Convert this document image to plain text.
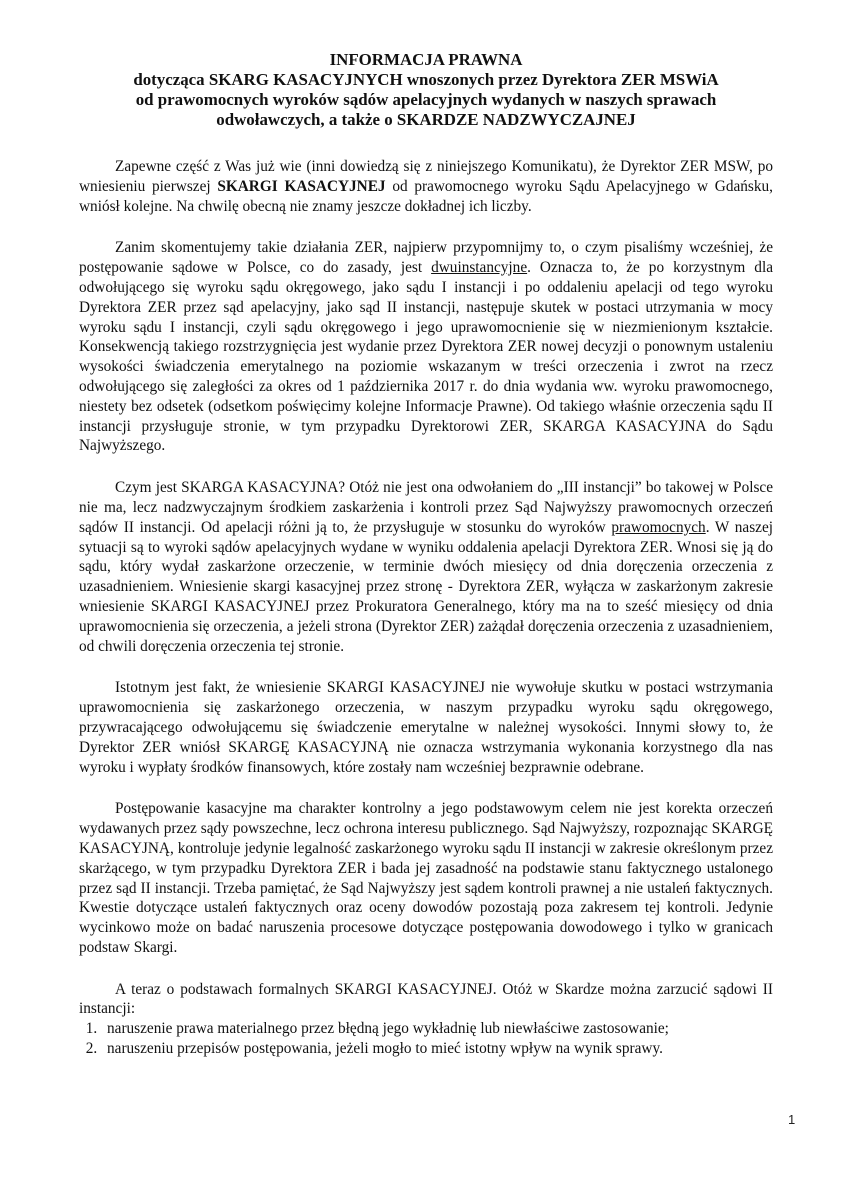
INFORMACJA PRAWNA
dotycząca SKARG KASACYJNYCH wnoszonych przez Dyrektora ZER MSWiA
od prawomocnych wyroków sądów apelacyjnych wydanych w naszych sprawach
odwoławczych, a także o SKARDZE NADZWYCZAJNEJ

Zapewne część z Was już wie (inni dowiedzą się z niniejszego Komunikatu), że Dyrektor ZER MSW, po wniesieniu pierwszej SKARGI KASACYJNEJ od prawomocnego wyroku Sądu Apelacyjnego w Gdańsku, wniósł kolejne. Na chwilę obecną nie znamy jeszcze dokładnej ich liczby.

Zanim skomentujemy takie działania ZER, najpierw przypomnijmy to, o czym pisaliśmy wcześniej, że postępowanie sądowe w Polsce, co do zasady, jest dwuinstancyjne. Oznacza to, że po korzystnym dla odwołującego się wyroku sądu okręgowego, jako sądu I instancji i po oddaleniu apelacji od tego wyroku Dyrektora ZER przez sąd apelacyjny, jako sąd II instancji, następuje skutek w postaci utrzymania w mocy wyroku sądu I instancji, czyli sądu okręgowego i jego uprawomocnienie się w niezmienionym kształcie. Konsekwencją takiego rozstrzygnięcia jest wydanie przez Dyrektora ZER nowej decyzji o ponownym ustaleniu wysokości świadczenia emerytalnego na poziomie wskazanym w treści orzeczenia i zwrot na rzecz odwołującego się zaległości za okres od 1 października 2017 r. do dnia wydania ww. wyroku prawomocnego, niestety bez odsetek (odsetkom poświęcimy kolejne Informacje Prawne). Od takiego właśnie orzeczenia sądu II instancji przysługuje stronie, w tym przypadku Dyrektorowi ZER, SKARGA KASACYJNA do Sądu Najwyższego.

Czym jest SKARGA KASACYJNA? Otóż nie jest ona odwołaniem do „III instancji” bo takowej w Polsce nie ma, lecz nadzwyczajnym środkiem zaskarżenia i kontroli przez Sąd Najwyższy prawomocnych orzeczeń sądów II instancji. Od apelacji różni ją to, że przysługuje w stosunku do wyroków prawomocnych. W naszej sytuacji są to wyroki sądów apelacyjnych wydane w wyniku oddalenia apelacji Dyrektora ZER. Wnosi się ją do sądu, który wydał zaskarżone orzeczenie, w terminie dwóch miesięcy od dnia doręczenia orzeczenia z uzasadnieniem. Wniesienie skargi kasacyjnej przez stronę - Dyrektora ZER, wyłącza w zaskarżonym zakresie wniesienie SKARGI KASACYJNEJ przez Prokuratora Generalnego, który ma na to sześć miesięcy od dnia uprawomocnienia się orzeczenia, a jeżeli strona (Dyrektor ZER) zażądał doręczenia orzeczenia z uzasadnieniem, od chwili doręczenia orzeczenia tej stronie.

Istotnym jest fakt, że wniesienie SKARGI KASACYJNEJ nie wywołuje skutku w postaci wstrzymania uprawomocnienia się zaskarżonego orzeczenia, w naszym przypadku wyroku sądu okręgowego, przywracającego odwołującemu się świadczenie emerytalne w należnej wysokości. Innymi słowy to, że Dyrektor ZER wniósł SKARGĘ KASACYJNĄ nie oznacza wstrzymania wykonania korzystnego dla nas wyroku i wypłaty środków finansowych, które zostały nam wcześniej bezprawnie odebrane.

Postępowanie kasacyjne ma charakter kontrolny a jego podstawowym celem nie jest korekta orzeczeń wydawanych przez sądy powszechne, lecz ochrona interesu publicznego. Sąd Najwyższy, rozpoznając SKARGĘ KASACYJNĄ, kontroluje jedynie legalność zaskarżonego wyroku sądu II instancji w zakresie określonym przez skarżącego, w tym przypadku Dyrektora ZER i bada jej zasadność na podstawie stanu faktycznego ustalonego przez sąd II instancji. Trzeba pamiętać, że Sąd Najwyższy jest sądem kontroli prawnej a nie ustaleń faktycznych. Kwestie dotyczące ustaleń faktycznych oraz oceny dowodów pozostają poza zakresem tej kontroli. Jedynie wycinkowo może on badać naruszenia procesowe dotyczące postępowania dowodowego i tylko w granicach podstaw Skargi.

A teraz o podstawach formalnych SKARGI KASACYJNEJ. Otóż w Skardze można zarzucić sądowi II instancji:

1. naruszenie prawa materialnego przez błędną jego wykładnię lub niewłaściwe zastosowanie;
2. naruszeniu przepisów postępowania, jeżeli mogło to mieć istotny wpływ na wynik sprawy.
1
